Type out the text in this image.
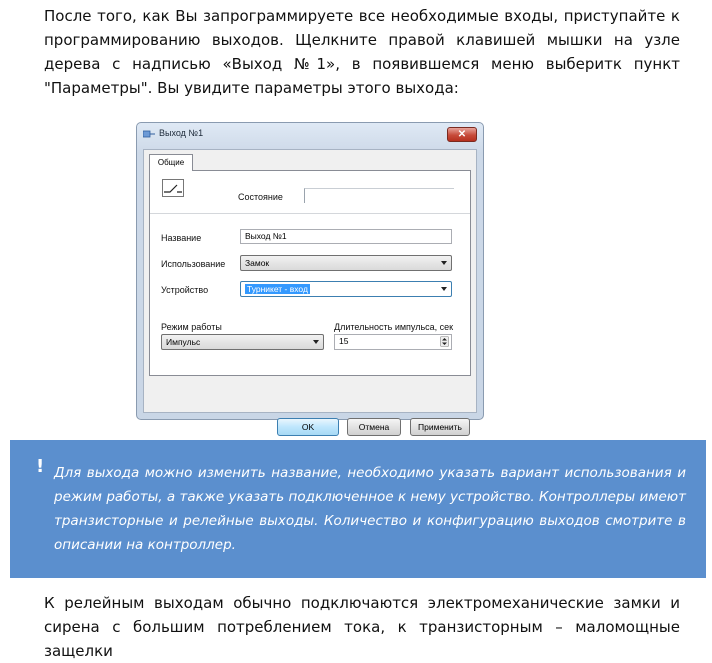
После того, как Вы запрограммируете все необходимые входы, приступайте к программированию выходов. Щелкните правой клавишей мышки на узле дерева с надписью «Выход №1», в появившемся меню выберитк пункт "Параметры". Вы увидите параметры этого выхода:
Выход №1	✕
Общие
Состояние
Название	Выход №1
Использование	Замок
Устройство	Турникет - вход
Режим работы
Импульс
Длительность импульса, сек
15
OK	Отмена	Применить
! Для выхода можно изменить название, необходимо указать вариант использования и режим работы, а также указать подключенное к нему устройство. Контроллеры имеют транзисторные и релейные выходы. Количество и конфигурацию выходов смотрите в описании на контроллер.
К релейным выходам обычно подключаются электромеханические замки и сирена с большим потреблением тока, к транзисторным – маломощные защелки
